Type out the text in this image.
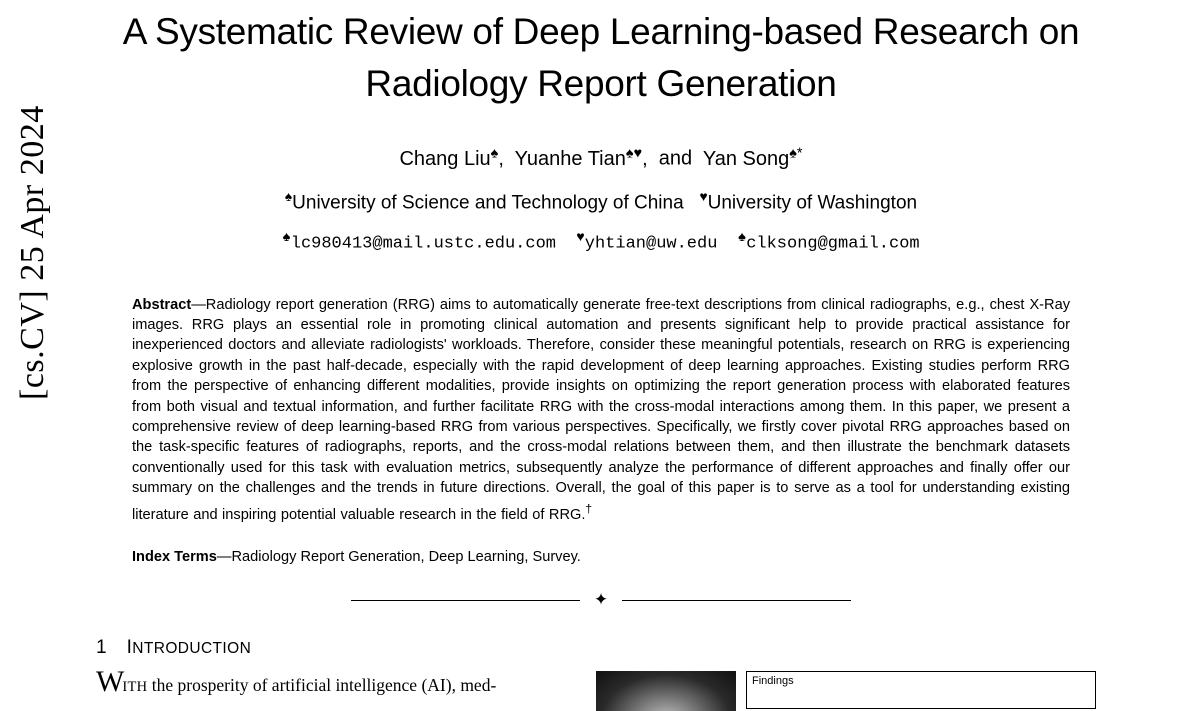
[cs.CV] 25 Apr 2024
A Systematic Review of Deep Learning-based Research on Radiology Report Generation
Chang Liu♠,  Yuanhe Tian♠♥,  and  Yan Song♠*
♠University of Science and Technology of China ♥University of Washington
♠lc980413@mail.ustc.edu.com ♥yhtian@uw.edu ♠clksong@gmail.com
Abstract—Radiology report generation (RRG) aims to automatically generate free-text descriptions from clinical radiographs, e.g., chest X-Ray images. RRG plays an essential role in promoting clinical automation and presents significant help to provide practical assistance for inexperienced doctors and alleviate radiologists' workloads. Therefore, consider these meaningful potentials, research on RRG is experiencing explosive growth in the past half-decade, especially with the rapid development of deep learning approaches. Existing studies perform RRG from the perspective of enhancing different modalities, provide insights on optimizing the report generation process with elaborated features from both visual and textual information, and further facilitate RRG with the cross-modal interactions among them. In this paper, we present a comprehensive review of deep learning-based RRG from various perspectives. Specifically, we firstly cover pivotal RRG approaches based on the task-specific features of radiographs, reports, and the cross-modal relations between them, and then illustrate the benchmark datasets conventionally used for this task with evaluation metrics, subsequently analyze the performance of different approaches and finally offer our summary on the challenges and the trends in future directions. Overall, the goal of this paper is to serve as a tool for understanding existing literature and inspiring potential valuable research in the field of RRG.†
Index Terms—Radiology Report Generation, Deep Learning, Survey.
✦
1 INTRODUCTION
WITH the prosperity of artificial intelligence (AI), med-	Findings
